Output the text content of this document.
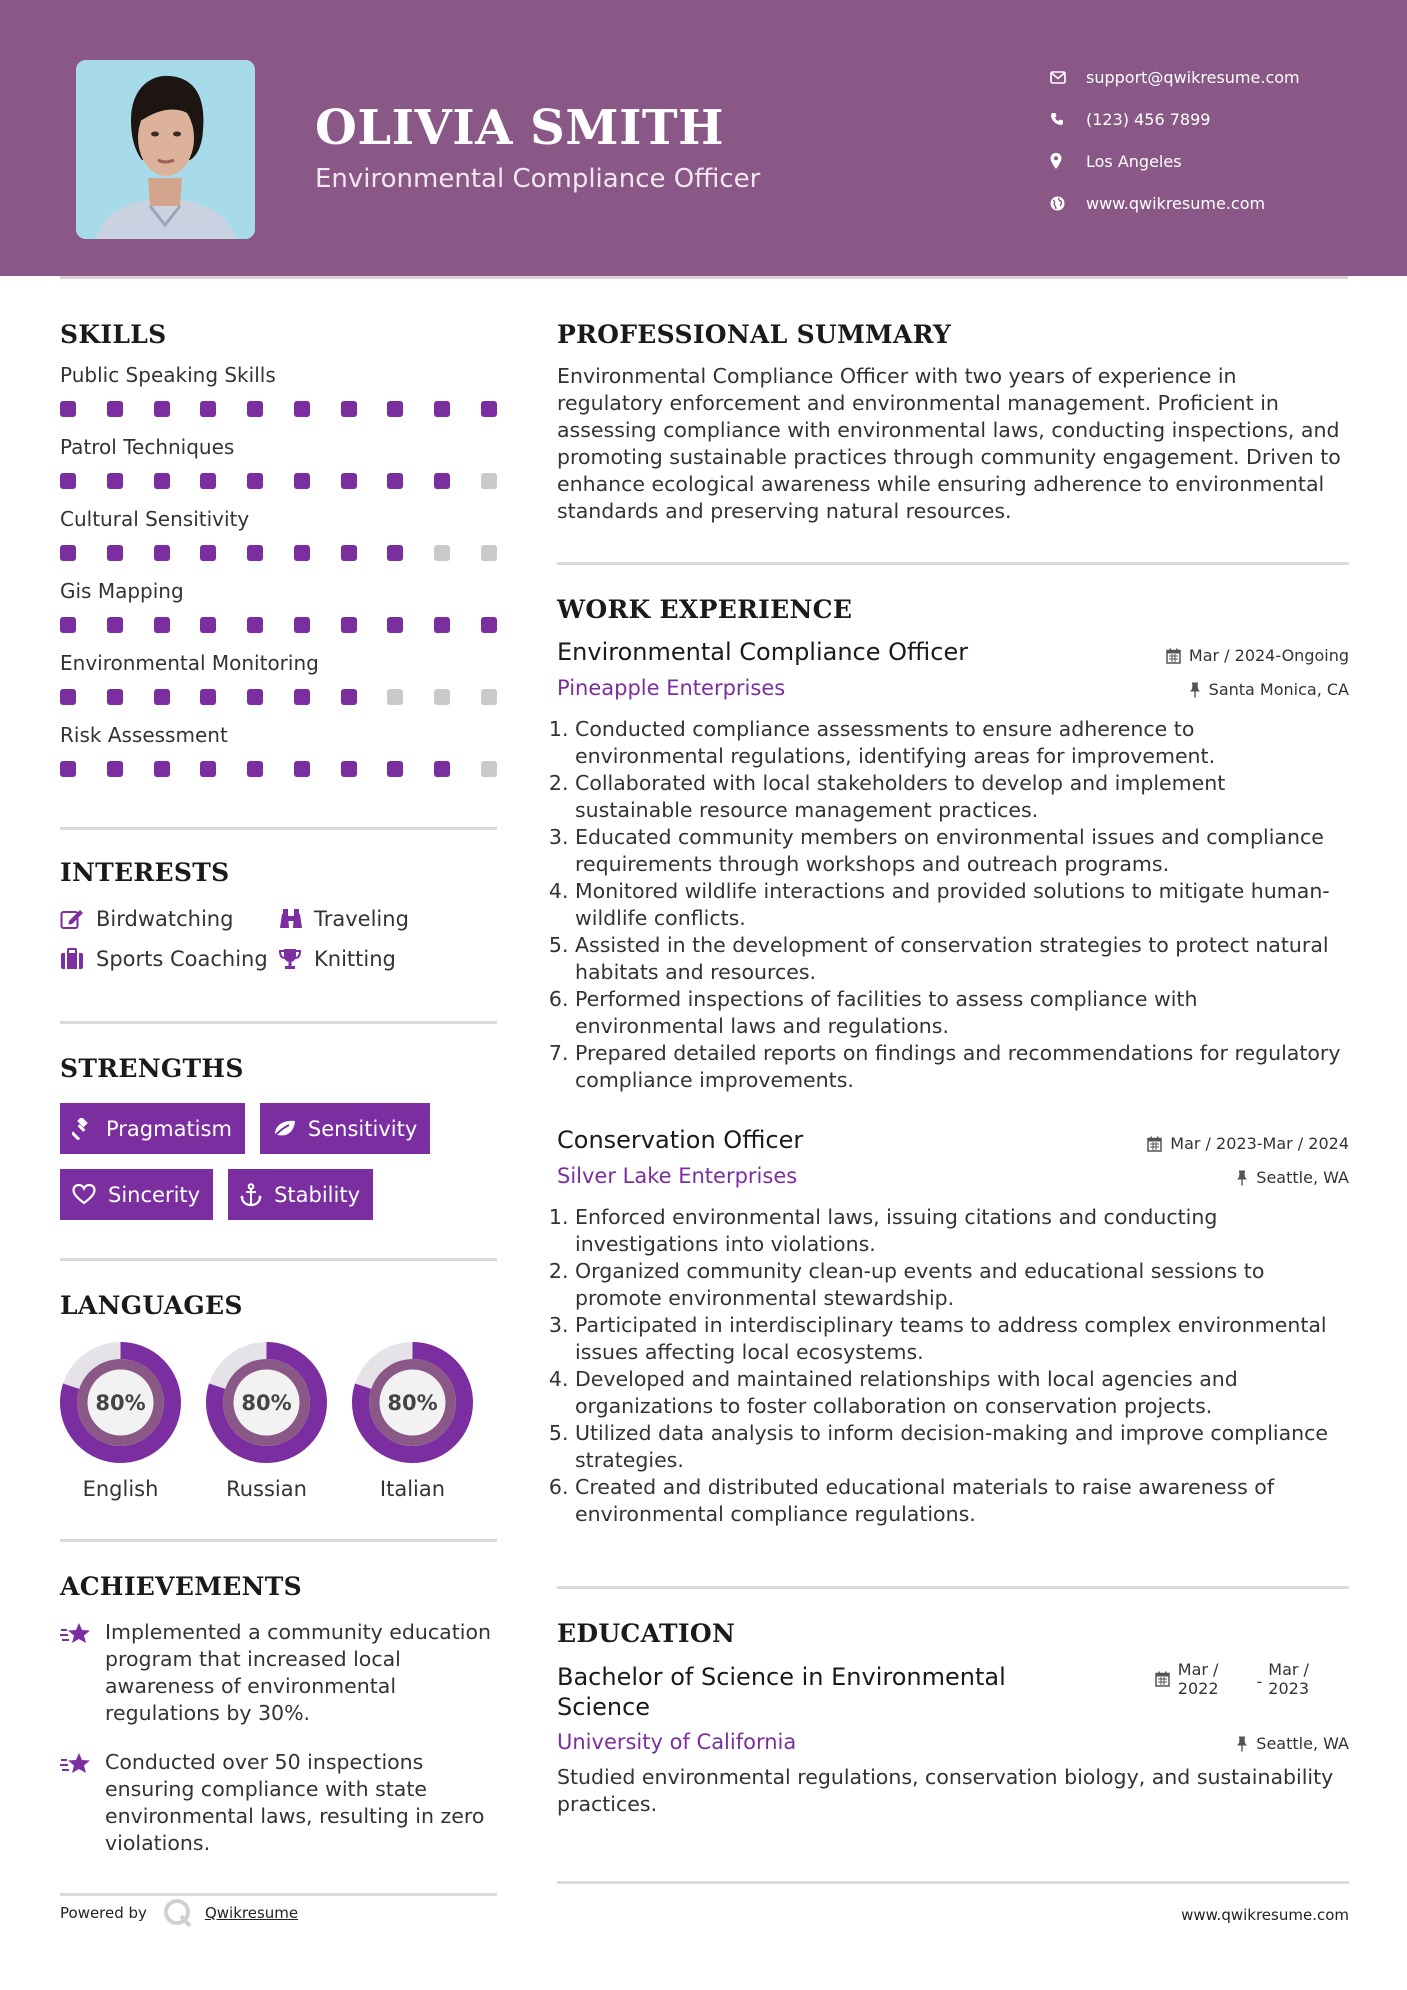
OLIVIA SMITH
Environmental Compliance Officer
support@qwikresume.com
(123) 456 7899
Los Angeles
www.qwikresume.com
SKILLS
Public Speaking Skills
Patrol Techniques
Cultural Sensitivity
Gis Mapping
Environmental Monitoring
Risk Assessment
INTERESTS
Birdwatching	Traveling
Sports Coaching Knitting
STRENGTHS
Pragmatism	Sensitivity
Sincerity	Stability
LANGUAGES
80%
English
80%
Russian
80%
Italian
ACHIEVEMENTS
Implemented a community education program that increased local awareness of environmental regulations by 30%.
Conducted over 50 inspections ensuring compliance with state environmental laws, resulting in zero violations.
Powered by	Qwikresume
PROFESSIONAL SUMMARY
Environmental Compliance Officer with two years of experience in regulatory enforcement and environmental management. Proficient in assessing compliance with environmental laws, conducting inspections, and promoting sustainable practices through community engagement. Driven to enhance ecological awareness while ensuring adherence to environmental standards and preserving natural resources.
WORK EXPERIENCE
Environmental Compliance Officer	Mar / 2024-Ongoing
Pineapple Enterprises	Santa Monica, CA
1. Conducted compliance assessments to ensure adherence to environmental regulations, identifying areas for improvement.
2. Collaborated with local stakeholders to develop and implement sustainable resource management practices.
3. Educated community members on environmental issues and compliance requirements through workshops and outreach programs.
4. Monitored wildlife interactions and provided solutions to mitigate human-wildlife conflicts.
5. Assisted in the development of conservation strategies to protect natural habitats and resources.
6. Performed inspections of facilities to assess compliance with environmental laws and regulations.
7. Prepared detailed reports on findings and recommendations for regulatory compliance improvements.
Conservation Officer	Mar / 2023-Mar / 2024
Silver Lake Enterprises	Seattle, WA
1. Enforced environmental laws, issuing citations and conducting investigations into violations.
2. Organized community clean-up events and educational sessions to promote environmental stewardship.
3. Participated in interdisciplinary teams to address complex environmental issues affecting local ecosystems.
4. Developed and maintained relationships with local agencies and organizations to foster collaboration on conservation projects.
5. Utilized data analysis to inform decision-making and improve compliance strategies.
6. Created and distributed educational materials to raise awareness of environmental compliance regulations.
EDUCATION
Bachelor of Science in Environmental Science
Mar /
2022 -
Mar /
2023
University of California	Seattle, WA
Studied environmental regulations, conservation biology, and sustainability practices.
www.qwikresume.com
